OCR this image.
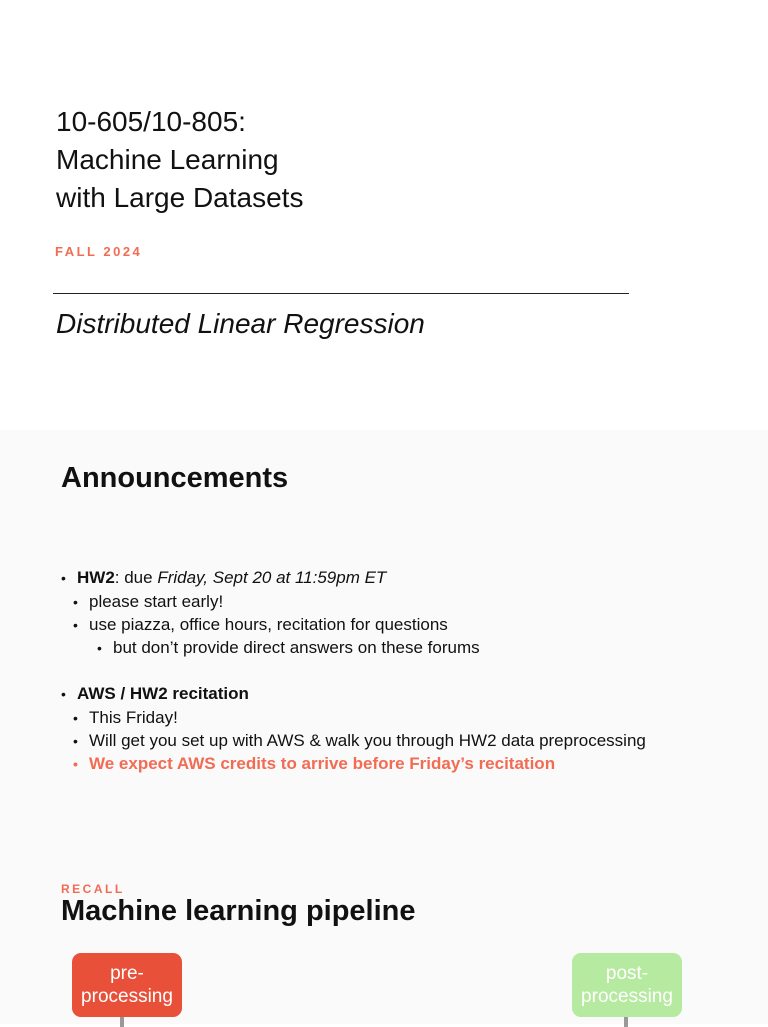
10-605/10-805:
Machine Learning
with Large Datasets
FALL 2024
Distributed Linear Regression
Announcements
• HW2: due Friday, Sept 20 at 11:59pm ET
• please start early!
• use piazza, office hours, recitation for questions
• but don’t provide direct answers on these forums
• AWS / HW2 recitation
• This Friday!
• Will get you set up with AWS & walk you through HW2 data preprocessing
• We expect AWS credits to arrive before Friday’s recitation
RECALL
Machine learning pipeline
pre-
processing
post-
processing
